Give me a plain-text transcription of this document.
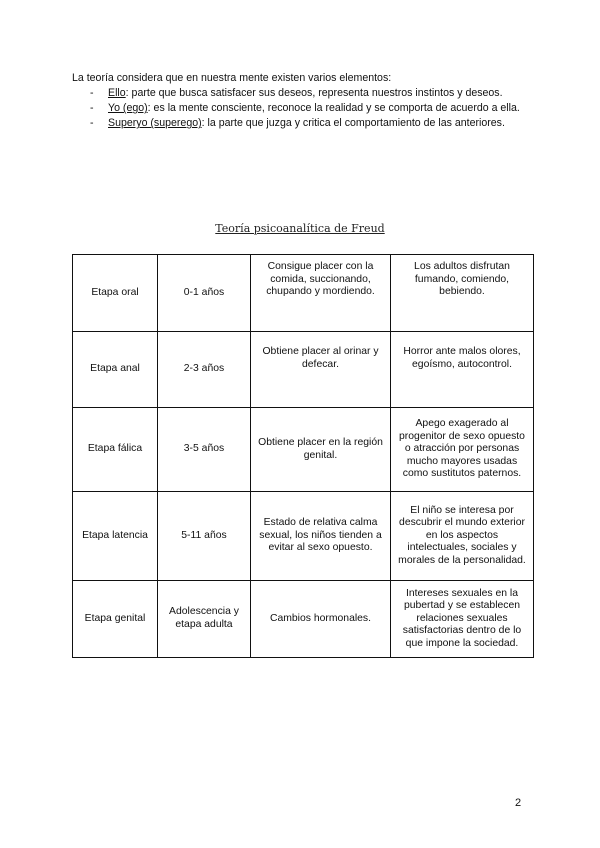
La teoría considera que en nuestra mente existen varios elementos:

- Ello: parte que busca satisfacer sus deseos, representa nuestros instintos y deseos.
- Yo (ego): es la mente consciente, reconoce la realidad y se comporta de acuerdo a ella.
- Superyo (superego): la parte que juzga y critica el comportamiento de las anteriores.
Teoría psicoanalítica de Freud
Etapa oral	0-1 años	Consigue placer con la comida, succionando, chupando y mordiendo.	Los adultos disfrutan fumando, comiendo, bebiendo.
Etapa anal	2-3 años	Obtiene placer al orinar y defecar.	Horror ante malos olores, egoísmo, autocontrol.
Etapa fálica	3-5 años	Obtiene placer en la región genital.	Apego exagerado al progenitor de sexo opuesto o atracción por personas mucho mayores usadas como sustitutos paternos.
Etapa latencia	5-11 años	Estado de relativa calma sexual, los niños tienden a evitar al sexo opuesto.	El niño se interesa por descubrir el mundo exterior en los aspectos intelectuales, sociales y morales de la personalidad.
Etapa genital	Adolescencia y etapa adulta	Cambios hormonales.	Intereses sexuales en la pubertad y se establecen relaciones sexuales satisfactorias dentro de lo que impone la sociedad.
2
